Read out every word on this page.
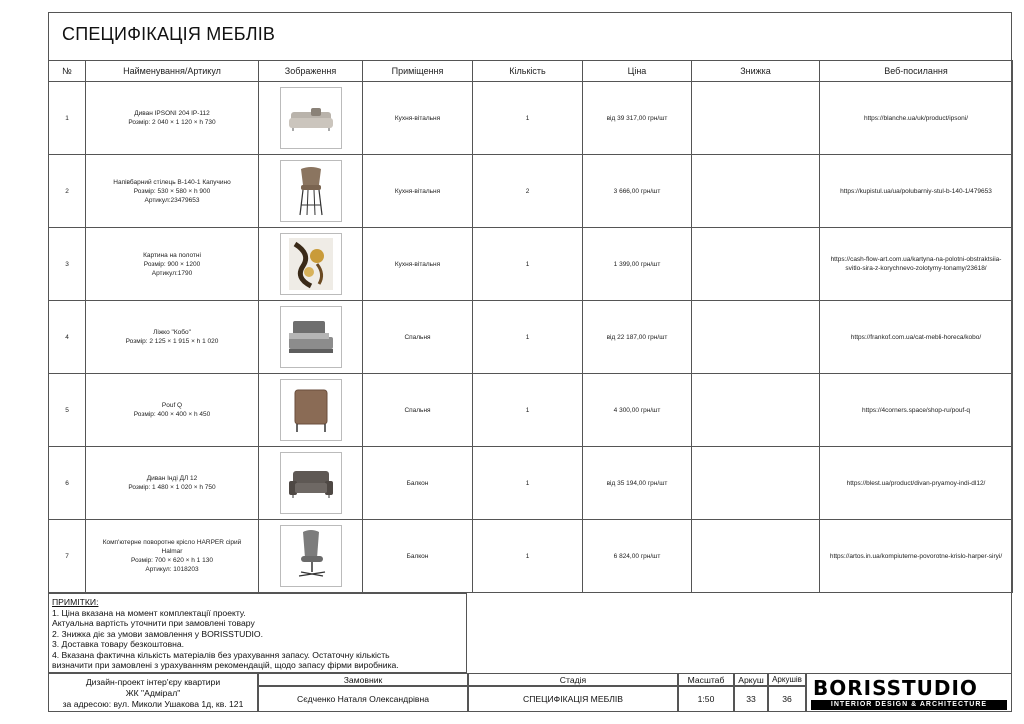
СПЕЦИФІКАЦІЯ МЕБЛІВ
№	Найменування/Артикул	Зображення	Приміщення	Кількість	Ціна	Знижка	Веб-посилання
1	Диван IPSONI 204 IP-112
Розмір: 2 040 × 1 120 × h 730		Кухня-вітальня	1	від 39 317,00 грн/шт		https://blanche.ua/uk/product/ipsoni/
2	Напівбарний стілець B-140-1 Капучино
Розмір: 530 × 580 × h 900
Артикул:23479653		Кухня-вітальня	2	3 666,00 грн/шт		https://kupistul.ua/ua/polubarniy-stul-b-140-1/479653
3	Картина на полотні
Розмір: 900 × 1200
Артикул:1790		Кухня-вітальня	1	1 399,00 грн/шт		https://cash-flow-art.com.ua/kartyna-na-polotni-obstraktsiia-svitlo-sira-z-korychnevo-zolotymy-tonamy/23618/
4	Ліжко "Кобо"
Розмір: 2 125 × 1 915 × h 1 020		Спальня	1	від 22 187,00 грн/шт		https://frankof.com.ua/cat-mebli-horeca/kobo/
5	Pouf Q
Розмір: 400 × 400 × h 450		Спальня	1	4 300,00 грн/шт		https://4corners.space/shop-ru/pouf-q
6	Диван Інді ДЛ 12
Розмір: 1 480 × 1 020 × h 750		Балкон	1	від 35 194,00 грн/шт		https://blest.ua/product/divan-pryamoy-indi-dl12/
7	Комп'ютерне поворотне крісло HARPER сірий
Halmar
Розмір: 700 × 620 × h 1 130
Артикул: 1018203		Балкон	1	6 824,00 грн/шт		https://artos.in.ua/kompiuterne-povorotne-krislo-harper-siryi/
ПРИМІТКИ:
1. Ціна вказана на момент комплектації проекту.
Актуальна вартість уточнити при замовлені товару
2. Знижка діє за умови замовлення у BORISSTUDIO.
3. Доставка товару безкоштовна.
4. Вказана фактична кількість матеріалів без урахування запасу. Остаточну кількість
визначити при замовлені з урахуванням рекомендацій, щодо запасу фірми виробника.
Дизайн-проект інтер'єру квартири
ЖК "Адмірал"
за адресою: вул. Миколи Ушакова 1д, кв. 121
Замовник
Сєдченко Наталя Олександрівна
Стадія
СПЕЦИФІКАЦІЯ МЕБЛІВ
Масштаб
1:50
Аркуш
33
Аркушів
36	BORISSTUDIO
INTERIOR DESIGN & ARCHITECTURE
